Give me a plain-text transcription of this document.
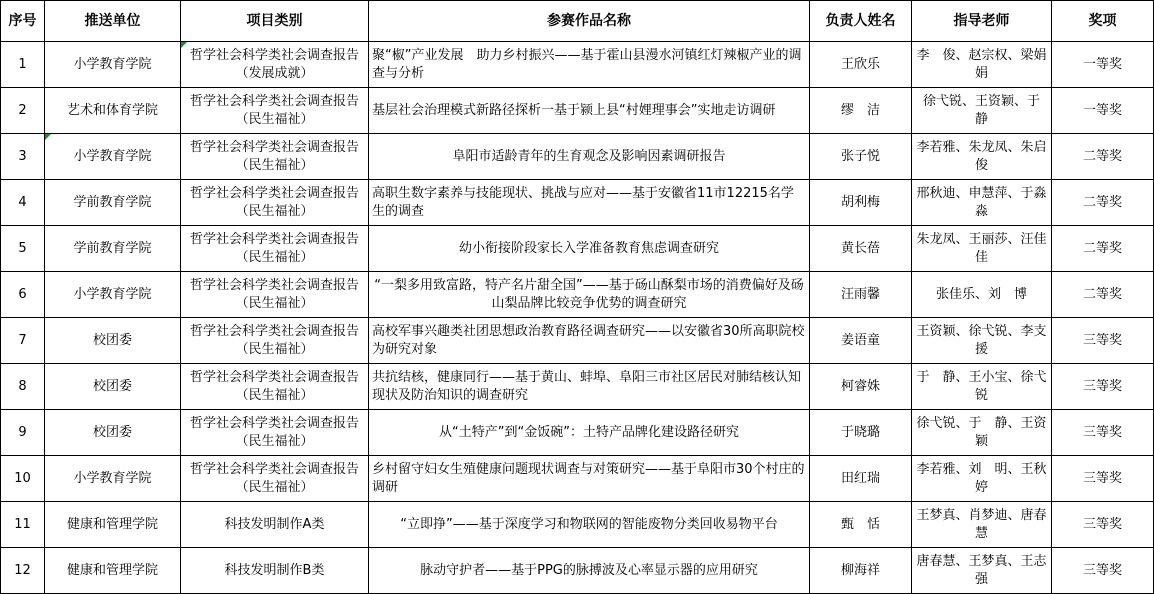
序号	推送单位	项目类别	参赛作品名称	负责人姓名	指导老师	奖项
1	小学教育学院	哲学社会科学类社会调查报告（发展成就）	聚“椒”产业发展　助力乡村振兴——基于霍山县漫水河镇红灯辣椒产业的调查与分析	王欣乐	李　俊、赵宗权、梁娟娟	一等奖
2	艺术和体育学院	哲学社会科学类社会调查报告（民生福祉）	基层社会治理模式新路径探析一基于颍上县“村娌理事会”实地走访调研	缪　洁	徐弋锐、王资颖、于　静	一等奖
3	小学教育学院	哲学社会科学类社会调查报告（民生福祉）	阜阳市适龄青年的生育观念及影响因素调研报告	张子悦	李若雅、朱龙凤、朱启俊	二等奖
4	学前教育学院	哲学社会科学类社会调查报告（民生福祉）	高职生数字素养与技能现状、挑战与应对——基于安徽省11市12215名学生的调查	胡利梅	邢秋迪、申慧萍、于淼淼	二等奖
5	学前教育学院	哲学社会科学类社会调查报告（民生福祉）	幼小衔接阶段家长入学准备教育焦虑调查研究	黄长蓓	朱龙凤、王丽莎、汪佳佳	二等奖
6	小学教育学院	哲学社会科学类社会调查报告（民生福祉）	“一梨多用致富路，特产名片甜全国”——基于砀山酥梨市场的消费偏好及砀山梨品牌比较竞争优势的调查研究	汪雨馨	张佳乐、刘　博	二等奖
7	校团委	哲学社会科学类社会调查报告（民生福祉）	高校军事兴趣类社团思想政治教育路径调查研究——以安徽省30所高职院校为研究对象	姜语童	王资颖、徐弋锐、李支援	三等奖
8	校团委	哲学社会科学类社会调查报告（民生福祉）	共抗结核，健康同行——基于黄山、蚌埠、阜阳三市社区居民对肺结核认知现状及防治知识的调查研究	柯睿姝	于　静、王小宝、徐弋锐	三等奖
9	校团委	哲学社会科学类社会调查报告（民生福祉）	从“土特产”到“金饭碗”：土特产品牌化建设路径研究	于晓璐	徐弋锐、于　静、王资颖	三等奖
10	小学教育学院	哲学社会科学类社会调查报告（民生福祉）	乡村留守妇女生殖健康问题现状调查与对策研究——基于阜阳市30个村庄的调研	田红瑞	李若雅、刘　明、王秋婷	三等奖
11	健康和管理学院	科技发明制作A类	“立即挣”——基于深度学习和物联网的智能废物分类回收易物平台	甄　恬	王梦真、肖梦迪、唐春慧	三等奖
12	健康和管理学院	科技发明制作B类	脉动守护者——基于PPG的脉搏波及心率显示器的应用研究	柳海祥	唐春慧、王梦真、王志强	三等奖
